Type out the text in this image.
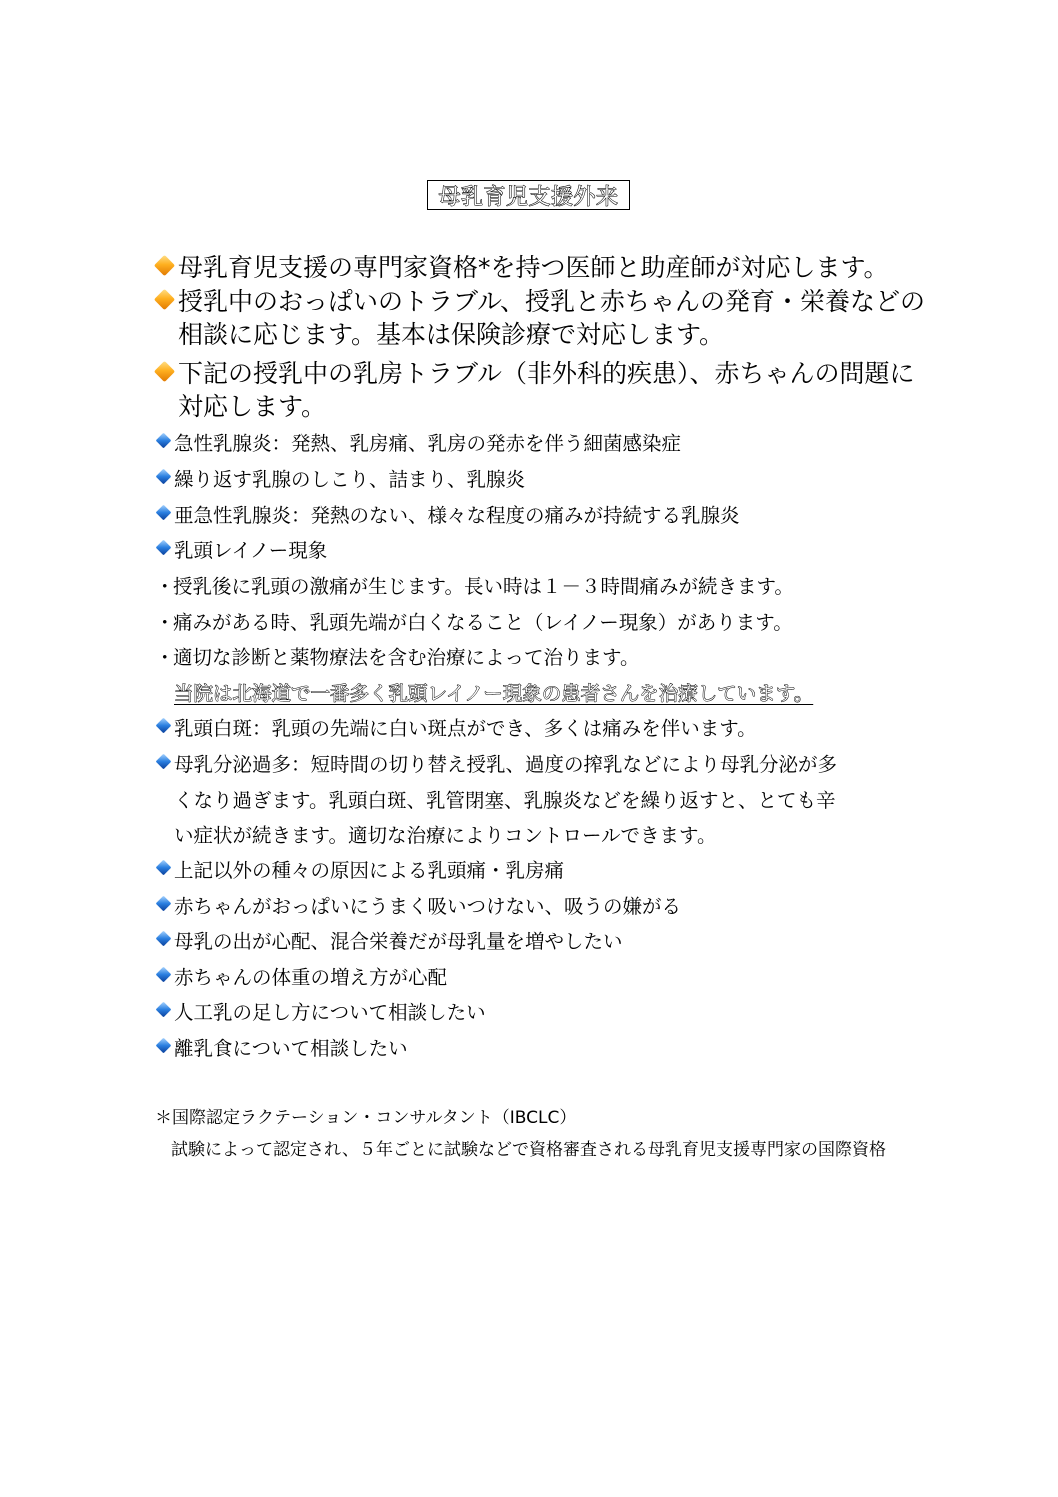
母乳育児支援外来
母乳育児支援の専門家資格*を持つ医師と助産師が対応します。
授乳中のおっぱいのトラブル、授乳と赤ちゃんの発育・栄養などの
相談に応じます。基本は保険診療で対応します。
下記の授乳中の乳房トラブル（非外科的疾患）、赤ちゃんの問題に
対応します。
急性乳腺炎：発熱、乳房痛、乳房の発赤を伴う細菌感染症
繰り返す乳腺のしこり、詰まり、乳腺炎
亜急性乳腺炎：発熱のない、様々な程度の痛みが持続する乳腺炎
乳頭レイノー現象
・授乳後に乳頭の激痛が生じます。長い時は１－３時間痛みが続きます。
・痛みがある時、乳頭先端が白くなること（レイノー現象）があります。
・適切な診断と薬物療法を含む治療によって治ります。
当院は北海道で一番多く乳頭レイノー現象の患者さんを治療しています。
乳頭白斑：乳頭の先端に白い斑点ができ、多くは痛みを伴います。
母乳分泌過多：短時間の切り替え授乳、過度の搾乳などにより母乳分泌が多
くなり過ぎます。乳頭白斑、乳管閉塞、乳腺炎などを繰り返すと、とても辛
い症状が続きます。適切な治療によりコントロールできます。
上記以外の種々の原因による乳頭痛・乳房痛
赤ちゃんがおっぱいにうまく吸いつけない、吸うの嫌がる
母乳の出が心配、混合栄養だが母乳量を増やしたい
赤ちゃんの体重の増え方が心配
人工乳の足し方について相談したい
離乳食について相談したい
＊国際認定ラクテーション・コンサルタント（IBCLC）
試験によって認定され、５年ごとに試験などで資格審査される母乳育児支援専門家の国際資格
